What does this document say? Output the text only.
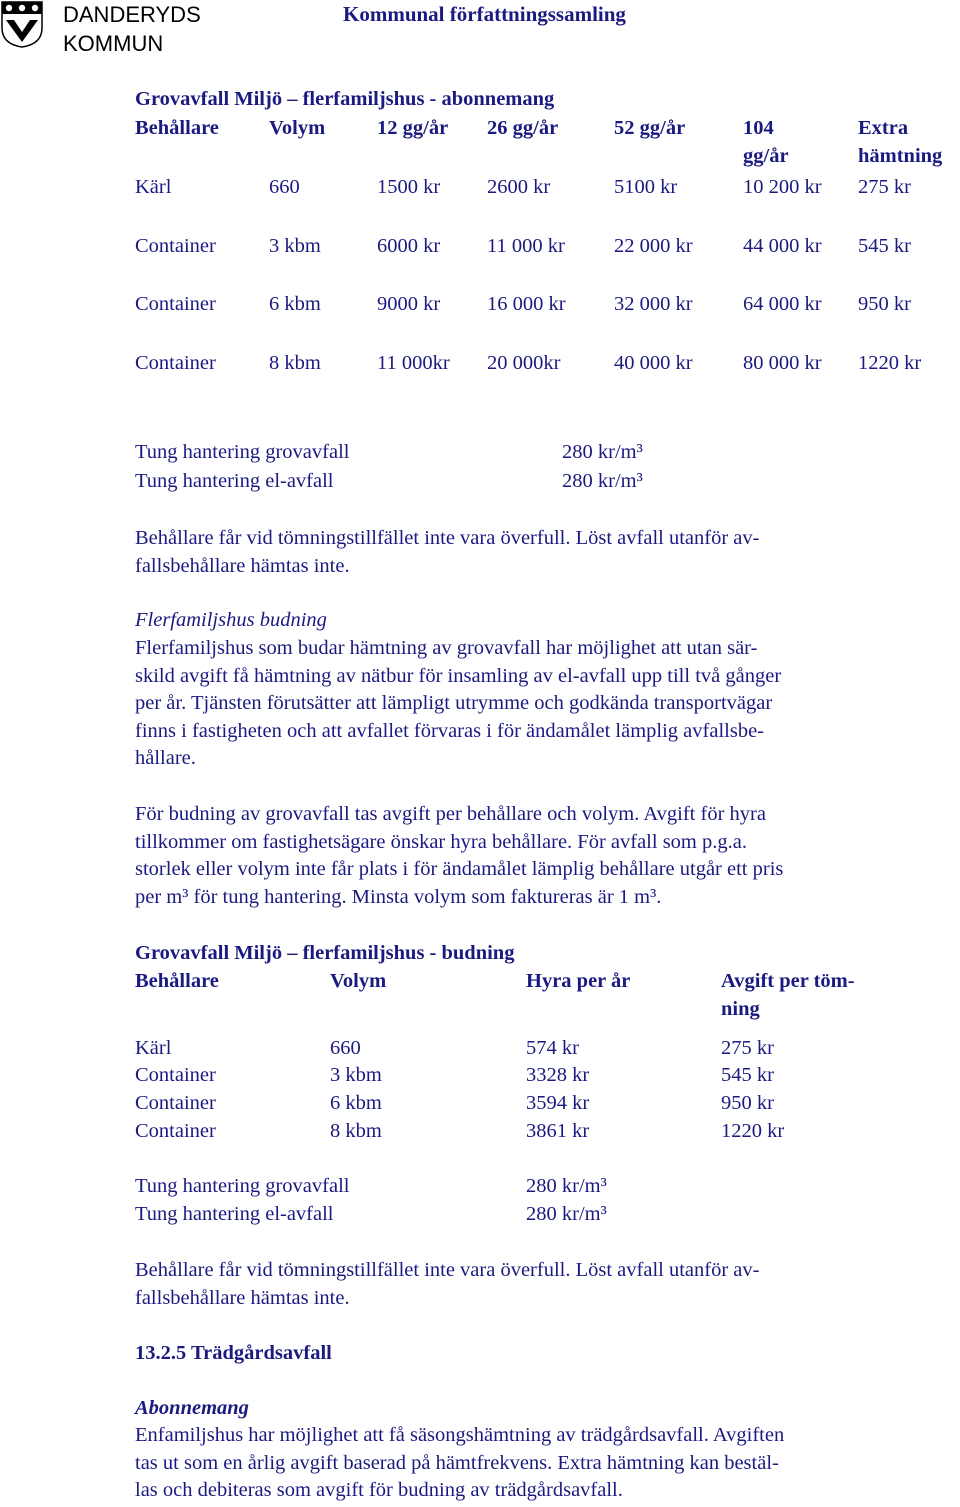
DANDERYDS
KOMMUN
Kommunal författningssamling
Grovavfall Miljö – flerfamiljshus - abonnemang
Behållare Volym	12 gg/år 26 gg/år	52 gg/år	104	Extra
gg/år	hämtning
Kärl	660	1500 kr 2600 kr	5100 kr	10 200 kr 275 kr
Container	3 kbm	6000 kr 11 000 kr 22 000 kr 44 000 kr 545 kr
Container	6 kbm	9000 kr 16 000 kr 32 000 kr 64 000 kr 950 kr
Container	8 kbm	11 000kr 20 000kr	40 000 kr 80 000 kr 1220 kr
Tung hantering grovavfall	280 kr/m³
Tung hantering el-avfall	280 kr/m³
Behållare får vid tömningstillfället inte vara överfull. Löst avfall utanför av-
fallsbehållare hämtas inte.
Flerfamiljshus budning
Flerfamiljshus som budar hämtning av grovavfall har möjlighet att utan sär-
skild avgift få hämtning av nätbur för insamling av el-avfall upp till två gånger
per år. Tjänsten förutsätter att lämpligt utrymme och godkända transportvägar
finns i fastigheten och att avfallet förvaras i för ändamålet lämplig avfallsbe-
hållare.
För budning av grovavfall tas avgift per behållare och volym. Avgift för hyra
tillkommer om fastighetsägare önskar hyra behållare. För avfall som p.g.a.
storlek eller volym inte får plats i för ändamålet lämplig behållare utgår ett pris
per m³ för tung hantering. Minsta volym som faktureras är 1 m³.
Grovavfall Miljö – flerfamiljshus - budning
Behållare	Volym	Hyra per år	Avgift per töm-
ning
Kärl	660	574 kr	275 kr
Container	3 kbm	3328 kr	545 kr
Container	6 kbm	3594 kr	950 kr
Container	8 kbm	3861 kr	1220 kr
Tung hantering grovavfall	280 kr/m³
Tung hantering el-avfall	280 kr/m³
Behållare får vid tömningstillfället inte vara överfull. Löst avfall utanför av-
fallsbehållare hämtas inte.
13.2.5 Trädgårdsavfall
Abonnemang
Enfamiljshus har möjlighet att få säsongshämtning av trädgårdsavfall. Avgiften
tas ut som en årlig avgift baserad på hämtfrekvens. Extra hämtning kan bestäl-
las och debiteras som avgift för budning av trädgårdsavfall.
